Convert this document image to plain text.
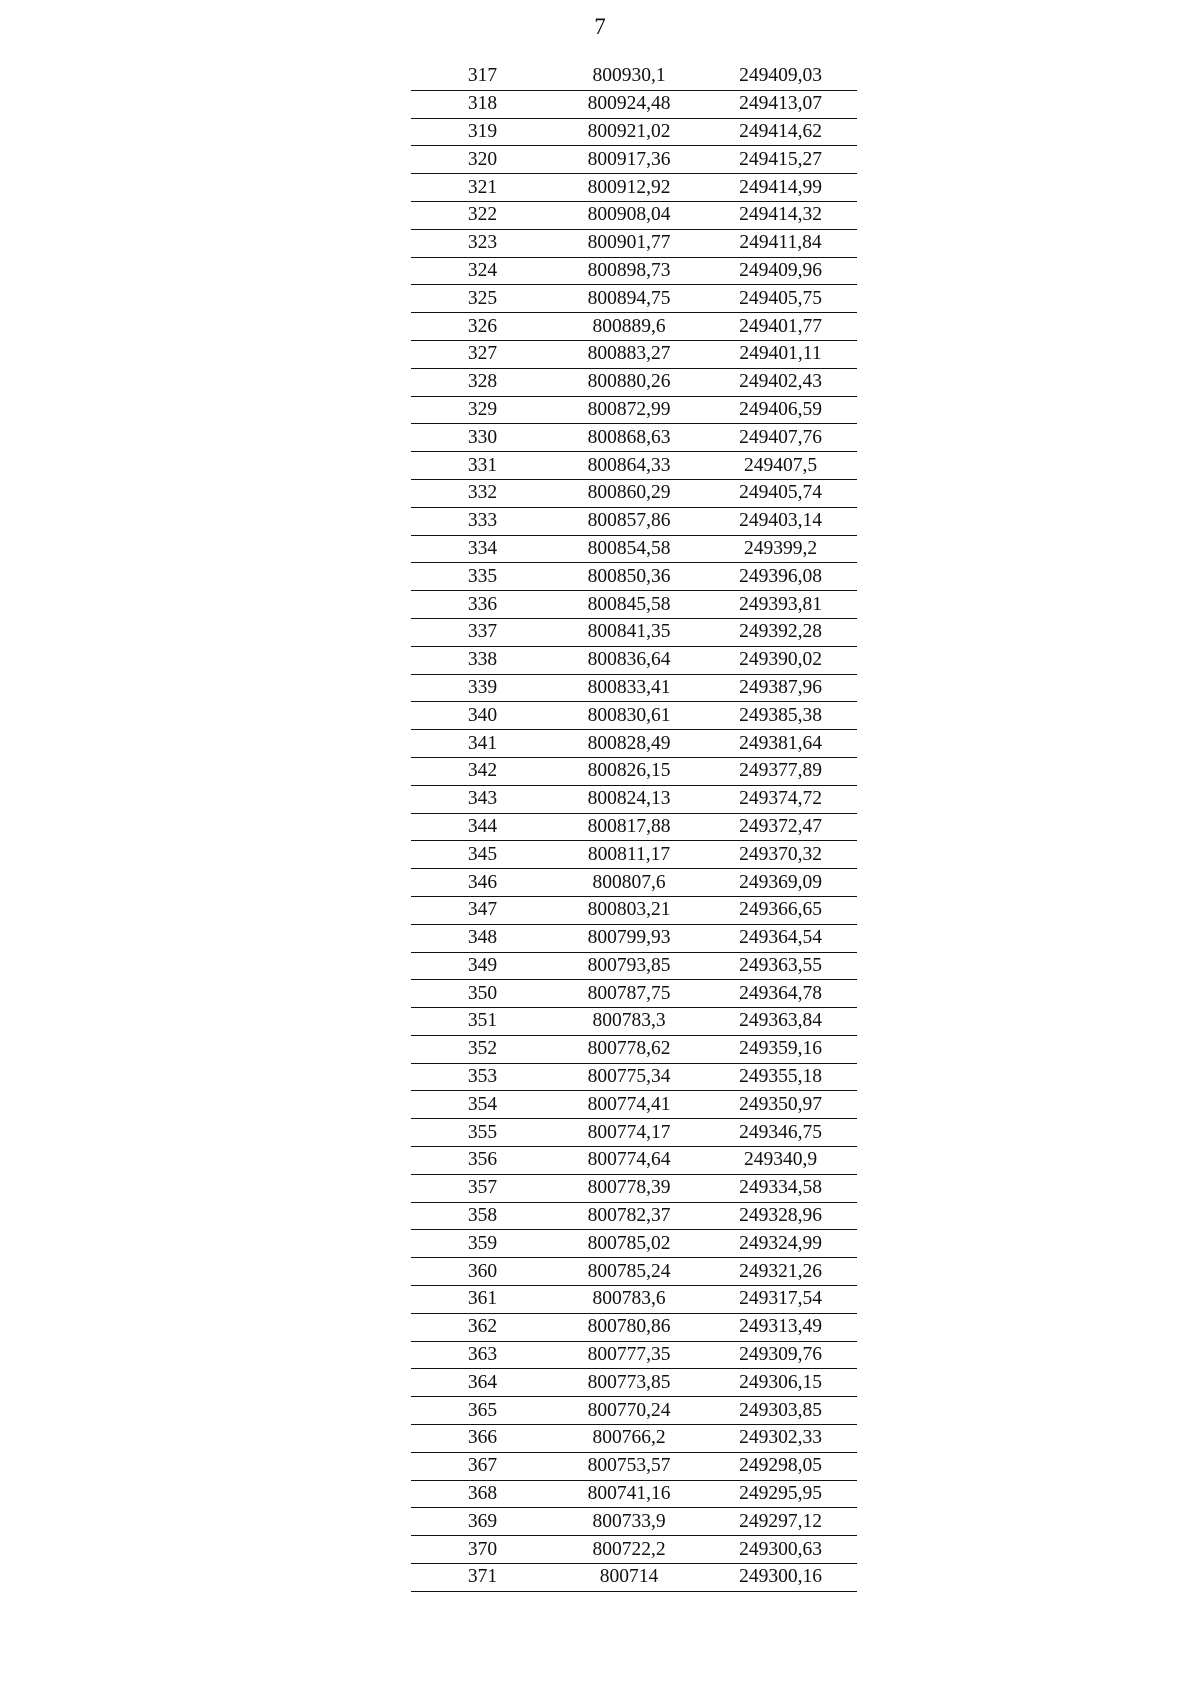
7
317	800930,1	249409,03
318	800924,48	249413,07
319	800921,02	249414,62
320	800917,36	249415,27
321	800912,92	249414,99
322	800908,04	249414,32
323	800901,77	249411,84
324	800898,73	249409,96
325	800894,75	249405,75
326	800889,6	249401,77
327	800883,27	249401,11
328	800880,26	249402,43
329	800872,99	249406,59
330	800868,63	249407,76
331	800864,33	249407,5
332	800860,29	249405,74
333	800857,86	249403,14
334	800854,58	249399,2
335	800850,36	249396,08
336	800845,58	249393,81
337	800841,35	249392,28
338	800836,64	249390,02
339	800833,41	249387,96
340	800830,61	249385,38
341	800828,49	249381,64
342	800826,15	249377,89
343	800824,13	249374,72
344	800817,88	249372,47
345	800811,17	249370,32
346	800807,6	249369,09
347	800803,21	249366,65
348	800799,93	249364,54
349	800793,85	249363,55
350	800787,75	249364,78
351	800783,3	249363,84
352	800778,62	249359,16
353	800775,34	249355,18
354	800774,41	249350,97
355	800774,17	249346,75
356	800774,64	249340,9
357	800778,39	249334,58
358	800782,37	249328,96
359	800785,02	249324,99
360	800785,24	249321,26
361	800783,6	249317,54
362	800780,86	249313,49
363	800777,35	249309,76
364	800773,85	249306,15
365	800770,24	249303,85
366	800766,2	249302,33
367	800753,57	249298,05
368	800741,16	249295,95
369	800733,9	249297,12
370	800722,2	249300,63
371	800714	249300,16
